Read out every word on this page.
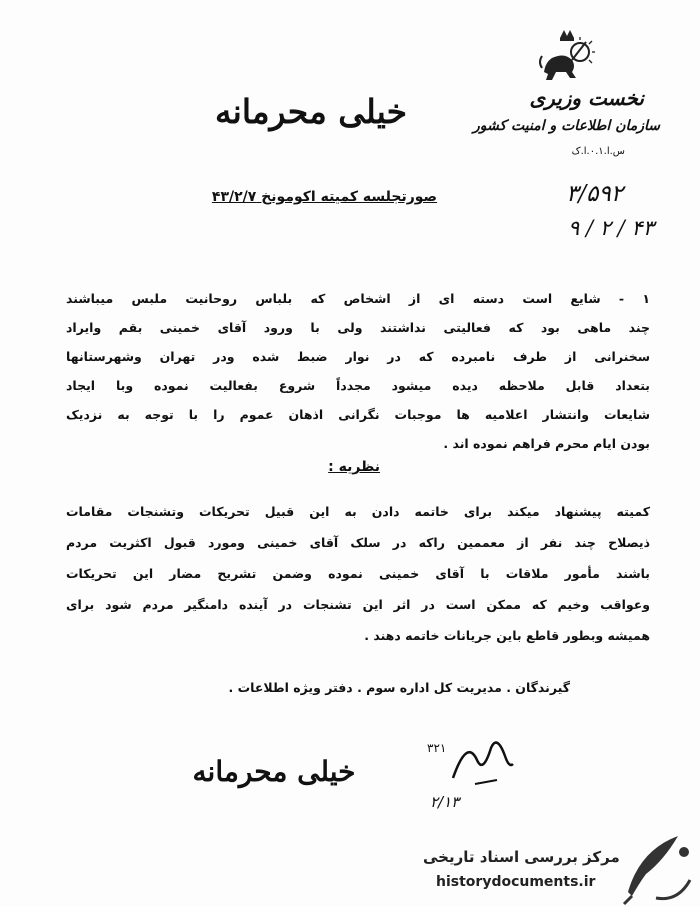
نخست وزیری
سازمان اطلاعات و امنیت کشور
س.ا.۰.۱.ا.ک
خیلی محرمانه
صورتجلسه کمیته اکومونخ ۴۳/۲/۷	۳/۵۹۲
۹ / ۲ / ۴۳
۱ - شایع است دسته ای از اشخاص که بلباس روحانیت ملبس میباشند
چند ماهی بود که فعالیتی نداشتند ولی با ورود آقای خمینی بقم وایراد
سخنرانی از طرف نامبرده که در نوار ضبط شده ودر تهران وشهرستانها
بتعداد قابل ملاحظه دیده میشود مجدداً شروع بفعالیت نموده وبا ایجاد
شایعات وانتشار اعلامیه ها موجبات نگرانی اذهان عموم را با توجه به نزدیک
بودن ایام محرم فراهم نموده اند .
نظریه :
کمیته پیشنهاد میکند برای خاتمه دادن به این قبیل تحریکات وتشنجات مقامات
ذیصلاح چند نفر از معممین راکه در سلک آقای خمینی ومورد قبول اکثریت مردم
باشند مأمور ملاقات با آقای خمینی نموده وضمن تشریح مضار این تحریکات
وعواقب وخیم که ممکن است در اثر این تشنجات در آینده دامنگیر مردم شود برای
همیشه وبطور قاطع باین جریانات خاتمه دهند .
گیرندگان . مدیریت کل اداره سوم . دفتر ویژه اطلاعات .
۳۲۱
۲/۱۳
خیلی محرمانه
مرکز بررسی اسناد تاریخی
historydocuments.ir
